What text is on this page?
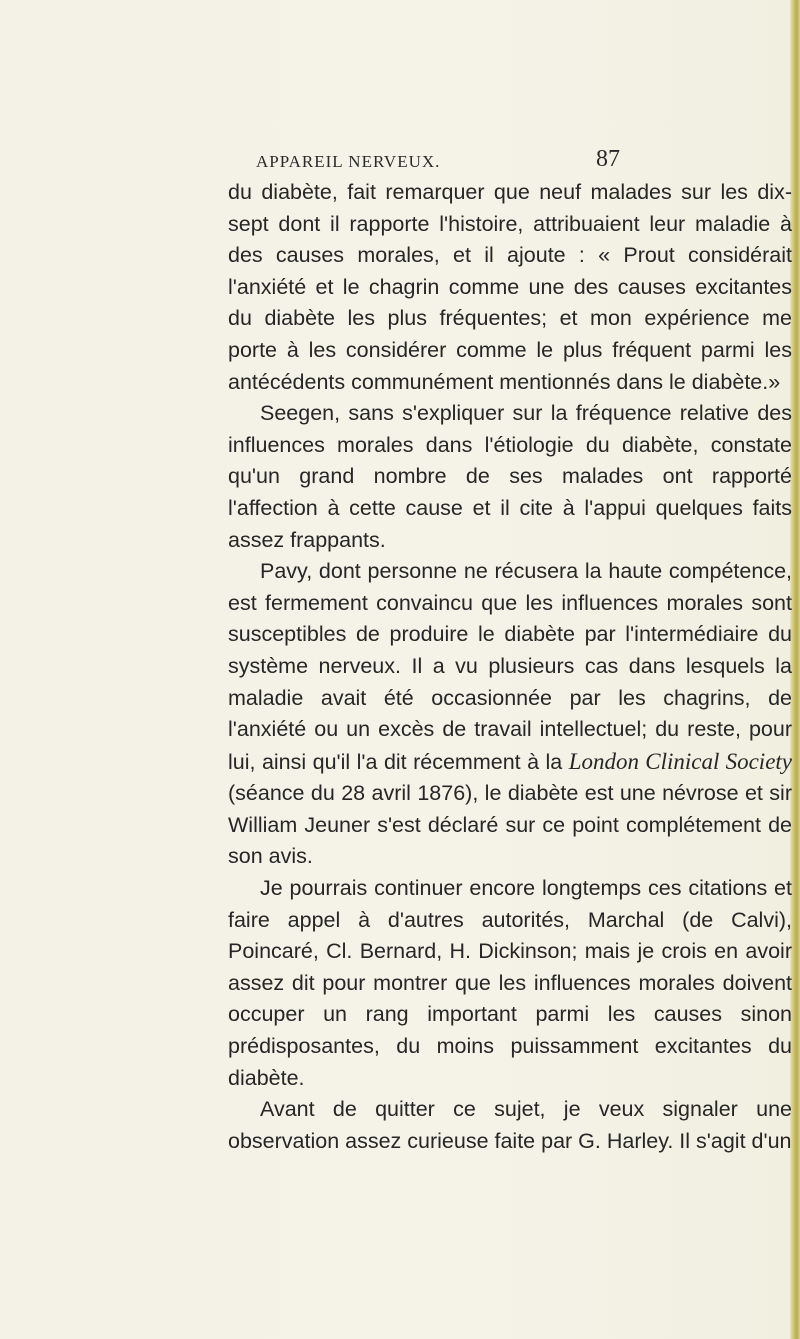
APPAREIL NERVEUX.	87

du diabète, fait remarquer que neuf malades sur les dix-sept dont il rapporte l'histoire, attribuaient leur maladie à des causes morales, et il ajoute : « Prout considérait l'anxiété et le chagrin comme une des causes excitantes du diabète les plus fréquentes; et mon expérience me porte à les considérer comme le plus fréquent parmi les antécédents communément mentionnés dans le diabète.»

Seegen, sans s'expliquer sur la fréquence relative des influences morales dans l'étiologie du diabète, constate qu'un grand nombre de ses malades ont rapporté l'affection à cette cause et il cite à l'appui quelques faits assez frappants.

Pavy, dont personne ne récusera la haute compétence, est fermement convaincu que les influences morales sont susceptibles de produire le diabète par l'intermédiaire du système nerveux. Il a vu plusieurs cas dans lesquels la maladie avait été occasionnée par les chagrins, de l'anxiété ou un excès de travail intellectuel; du reste, pour lui, ainsi qu'il l'a dit récemment à la London Clinical Society (séance du 28 avril 1876), le diabète est une névrose et sir William Jeuner s'est déclaré sur ce point complétement de son avis.

Je pourrais continuer encore longtemps ces citations et faire appel à d'autres autorités, Marchal (de Calvi), Poincaré, Cl. Bernard, H. Dickinson; mais je crois en avoir assez dit pour montrer que les influences morales doivent occuper un rang important parmi les causes sinon prédisposantes, du moins puissamment excitantes du diabète.

Avant de quitter ce sujet, je veux signaler une observation assez curieuse faite par G. Harley. Il s'agit d'un
